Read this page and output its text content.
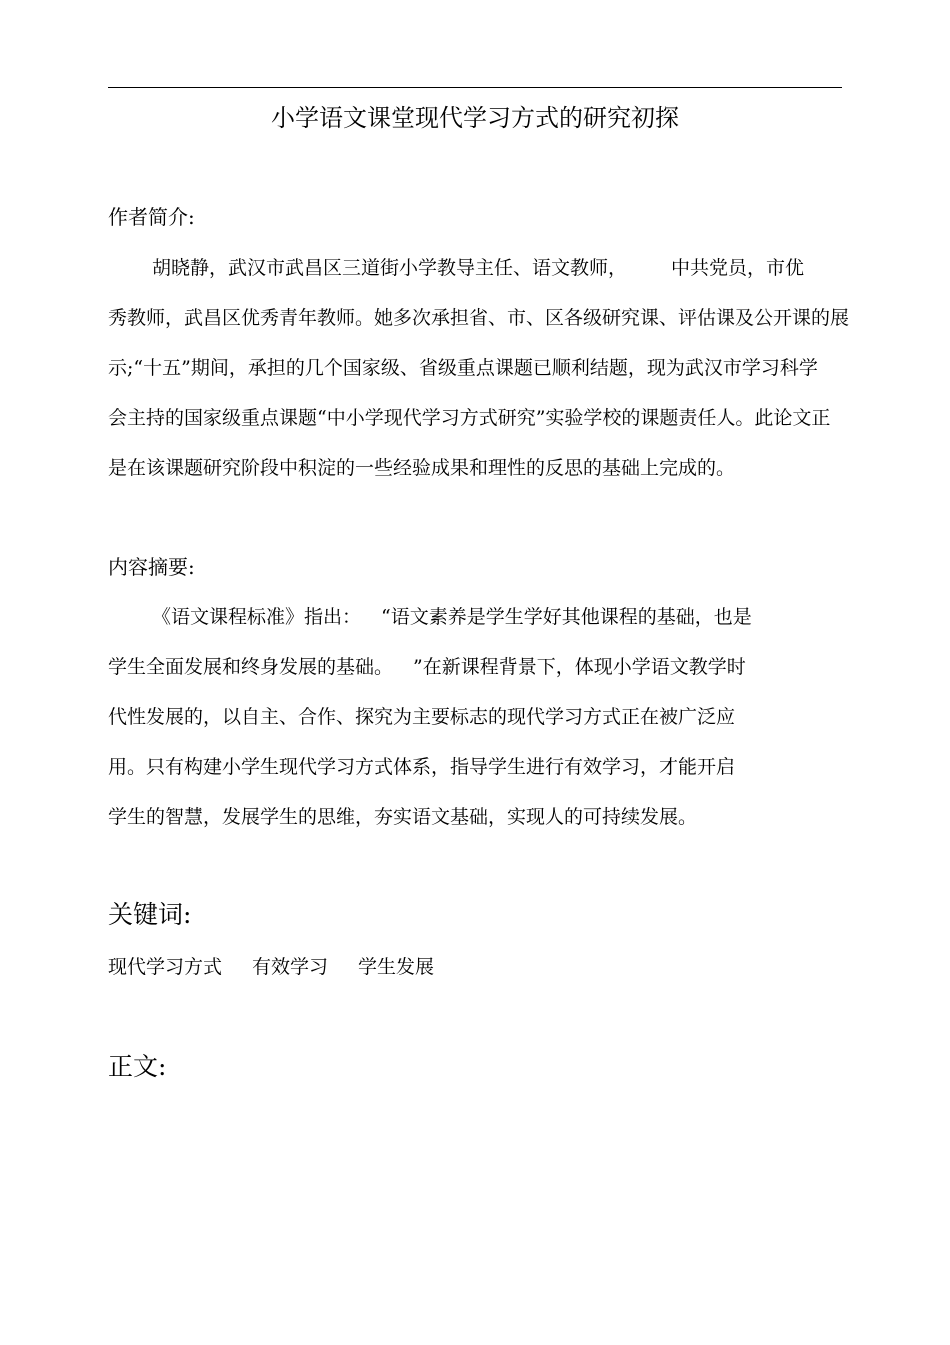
小学语文课堂现代学习方式的研究初探
作者简介:
胡晓静，武汉市武昌区三道街小学教导主任、语文教师， 中共党员，市优
秀教师，武昌区优秀青年教师。她多次承担省、市、区各级研究课、评估课及公开课的展
示;“十五”期间，承担的几个国家级、省级重点课题已顺利结题，现为武汉市学习科学
会主持的国家级重点课题“中小学现代学习方式研究”实验学校的课题责任人。此论文正
是在该课题研究阶段中积淀的一些经验成果和理性的反思的基础上完成的。
内容摘要:
《语文课程标准》指出： “语文素养是学生学好其他课程的基础，也是
学生全面发展和终身发展的基础。 ”在新课程背景下，体现小学语文教学时
代性发展的，以自主、合作、探究为主要标志的现代学习方式正在被广泛应
用。只有构建小学生现代学习方式体系，指导学生进行有效学习，才能开启
学生的智慧，发展学生的思维，夯实语文基础，实现人的可持续发展。
关键词:
现代学习方式 有效学习 学生发展
正文:
